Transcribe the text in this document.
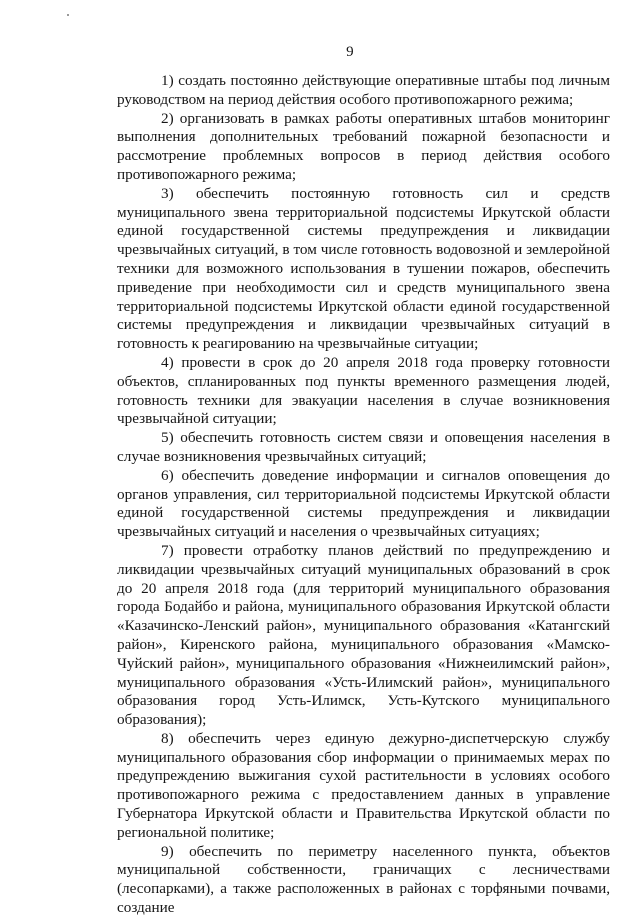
9

1) создать постоянно действующие оперативные штабы под личным руководством на период действия особого противопожарного режима;

2) организовать в рамках работы оперативных штабов мониторинг выполнения дополнительных требований пожарной безопасности и рассмотрение проблемных вопросов в период действия особого противопожарного режима;

3) обеспечить постоянную готовность сил и средств муниципального звена территориальной подсистемы Иркутской области единой государственной системы предупреждения и ликвидации чрезвычайных ситуаций, в том числе готовность водовозной и землеройной техники для возможного использования в тушении пожаров, обеспечить приведение при необходимости сил и средств муниципального звена территориальной подсистемы Иркутской области единой государственной системы предупреждения и ликвидации чрезвычайных ситуаций в готовность к реагированию на чрезвычайные ситуации;

4) провести в срок до 20 апреля 2018 года проверку готовности объектов, спланированных под пункты временного размещения людей, готовность техники для эвакуации населения в случае возникновения чрезвычайной ситуации;

5) обеспечить готовность систем связи и оповещения населения в случае возникновения чрезвычайных ситуаций;

6) обеспечить доведение информации и сигналов оповещения до органов управления, сил территориальной подсистемы Иркутской области единой государственной системы предупреждения и ликвидации чрезвычайных ситуаций и населения о чрезвычайных ситуациях;

7) провести отработку планов действий по предупреждению и ликвидации чрезвычайных ситуаций муниципальных образований в срок до 20 апреля 2018 года (для территорий муниципального образования города Бодайбо и района, муниципального образования Иркутской области «Казачинско-Ленский район», муниципального образования «Катангский район», Киренского района, муниципального образования «Мамско-Чуйский район», муниципального образования «Нижнеилимский район», муниципального образования «Усть-Илимский район», муниципального образования город Усть-Илимск, Усть-Кутского муниципального образования);

8) обеспечить через единую дежурно-диспетчерскую службу муниципального образования сбор информации о принимаемых мерах по предупреждению выжигания сухой растительности в условиях особого противопожарного режима с предоставлением данных в управление Губернатора Иркутской области и Правительства Иркутской области по региональной политике;

9) обеспечить по периметру населенного пункта, объектов муниципальной собственности, граничащих с лесничествами (лесопарками), а также расположенных в районах с торфяными почвами, создание
